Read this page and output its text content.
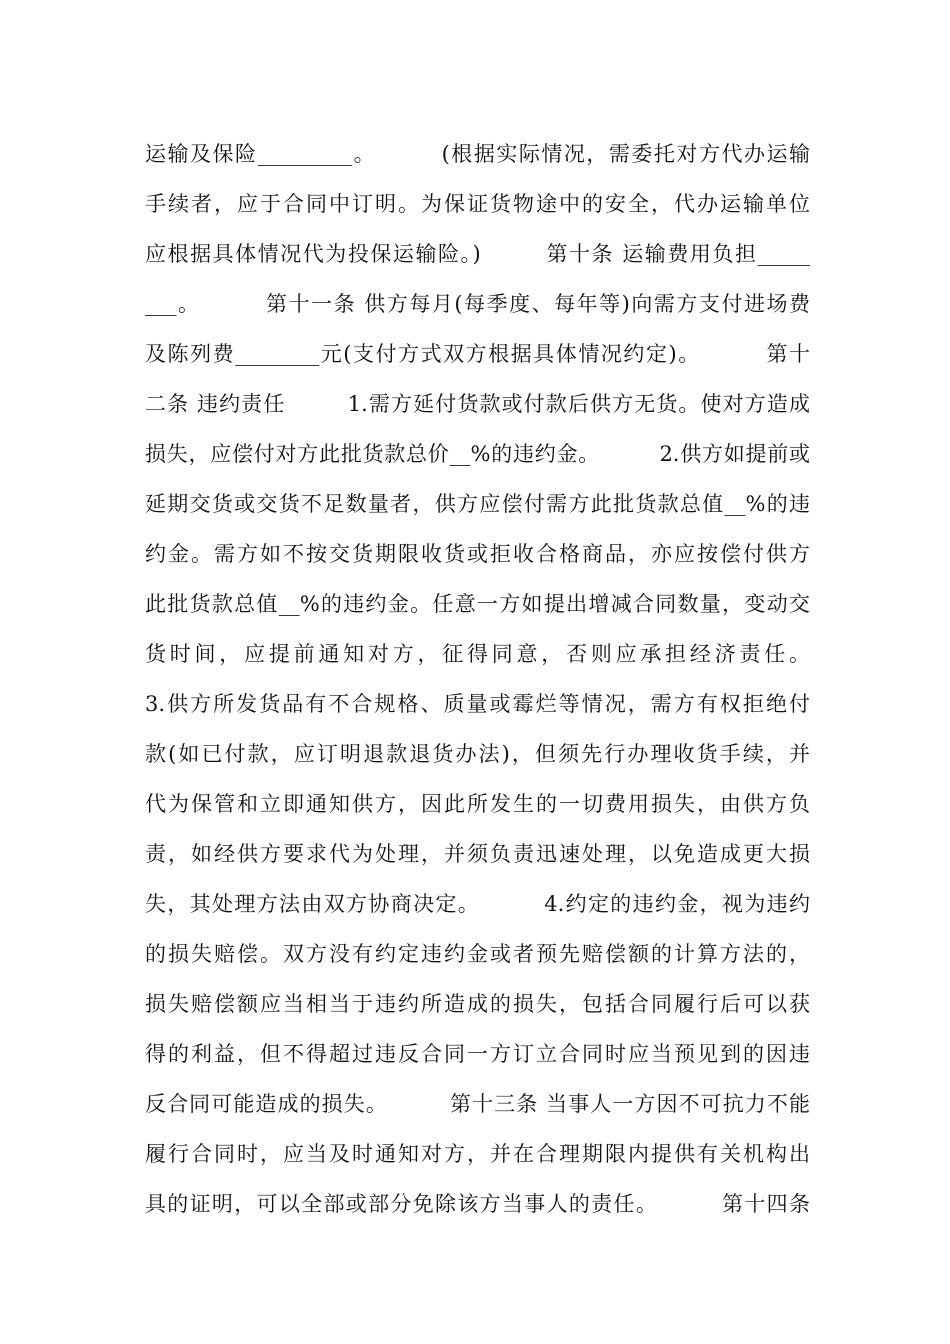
运输及保险_________。        (根据实际情况，需委托对方代办运输
手续者，应于合同中订明。为保证货物途中的安全，代办运输单位
应根据具体情况代为投保运输险。)        第十条 运输费用负担_____
___。        第十一条 供方每月(每季度、每年等)向需方支付进场费
及陈列费________元(支付方式双方根据具体情况约定)。        第十
二条 违约责任        1.需方延付货款或付款后供方无货。使对方造成
损失，应偿付对方此批货款总价__%的违约金。        2.供方如提前或
延期交货或交货不足数量者，供方应偿付需方此批货款总值__%的违
约金。需方如不按交货期限收货或拒收合格商品，亦应按偿付供方
此批货款总值__%的违约金。任意一方如提出增减合同数量，变动交
货时间，应提前通知对方，征得同意，否则应承担经济责任。
3.供方所发货品有不合规格、质量或霉烂等情况，需方有权拒绝付
款(如已付款，应订明退款退货办法)，但须先行办理收货手续，并
代为保管和立即通知供方，因此所发生的一切费用损失，由供方负
责，如经供方要求代为处理，并须负责迅速处理，以免造成更大损
失，其处理方法由双方协商决定。        4.约定的违约金，视为违约
的损失赔偿。双方没有约定违约金或者预先赔偿额的计算方法的，
损失赔偿额应当相当于违约所造成的损失，包括合同履行后可以获
得的利益，但不得超过违反合同一方订立合同时应当预见到的因违
反合同可能造成的损失。        第十三条 当事人一方因不可抗力不能
履行合同时，应当及时通知对方，并在合理期限内提供有关机构出
具的证明，可以全部或部分免除该方当事人的责任。        第十四条
